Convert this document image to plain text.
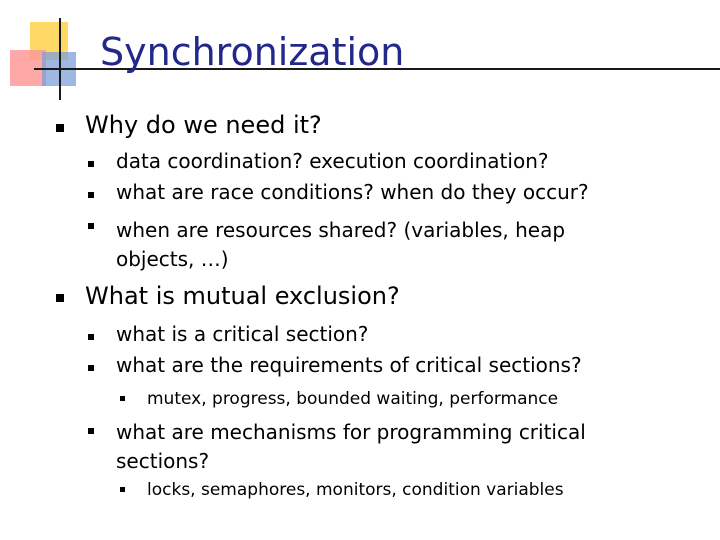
Synchronization
Why do we need it?
data coordination? execution coordination?
what are race conditions? when do they occur?
when are resources shared? (variables, heap
objects, …)
What is mutual exclusion?
what is a critical section?
what are the requirements of critical sections?
mutex, progress, bounded waiting, performance
what are mechanisms for programming critical
sections?
locks, semaphores, monitors, condition variables
